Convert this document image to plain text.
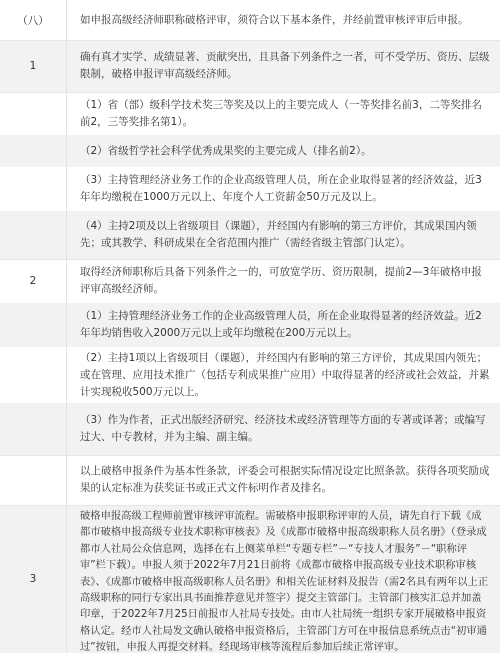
（八）	如申报高级经济师职称破格评审，须符合以下基本条件，并经前置审核评审后申报。
1
确有真才实学、成绩显著、贡献突出，且具备下列条件之一者，可不受学历、资历、层级限制，破格申报评审高级经济师。
（1）省（部）级科学技术奖三等奖及以上的主要完成人（一等奖排名前3，二等奖排名前2，三等奖排名第1）。
（2）省级哲学社会科学优秀成果奖的主要完成人（排名前2）。
（3）主持管理经济业务工作的企业高级管理人员，所在企业取得显著的经济效益，近3年年均缴税在1000万元以上、年度个人工资薪金50万元及以上。
（4）主持2项及以上省级项目（课题），并经国内有影响的第三方评价，其成果国内领先；或其教学、科研成果在全省范围内推广（需经省级主管部门认定）。
2
取得经济师职称后具备下列条件之一的，可放宽学历、资历限制，提前2—3年破格申报评审高级经济师。
（1）主持管理经济业务工作的企业高级管理人员，所在企业取得显著的经济效益。近2年年均销售收入2000万元以上或年均缴税在200万元以上。
（2）主持1项以上省级项目（课题），并经国内有影响的第三方评价，其成果国内领先；或在管理、应用技术推广（包括专利成果推广应用）中取得显著的经济或社会效益，并累计实现税收500万元以上。
（3）作为作者，正式出版经济研究、经济技术或经济管理等方面的专著或译著；或编写过大、中专教材，并为主编、副主编。
以上破格申报条件为基本性条款，评委会可根据实际情况设定比照条款。获得各项奖励成果的认定标准为获奖证书或正式文件标明作者及排名。
3
破格申报高级工程师前置审核评审流程。需破格申报职称评审的人员，请先自行下载《成都市破格申报高级专业技术职称审核表》及《成都市破格申报高级职称人员名册》（登录成都市人社局公众信息网，选择在右上侧菜单栏“专题专栏”－“专技人才服务”－“职称评审”栏下载）。申报人须于2022年7月21日前将《成都市破格申报高级专业技术职称审核表》、《成都市破格申报高级职称人员名册》和相关佐证材料及报告（需2名具有两年以上正高级职称的同行专家出具书面推荐意见并签字）提交主管部门。主管部门核实汇总并加盖印章，于2022年7月25日前报市人社局专技处。由市人社局统一组织专家开展破格申报资格认定。经市人社局发文确认破格申报资格后，主管部门方可在申报信息系统点击“初审通过”按钮，申报人再提交材料。经现场审核等流程后参加后续正常评审。
